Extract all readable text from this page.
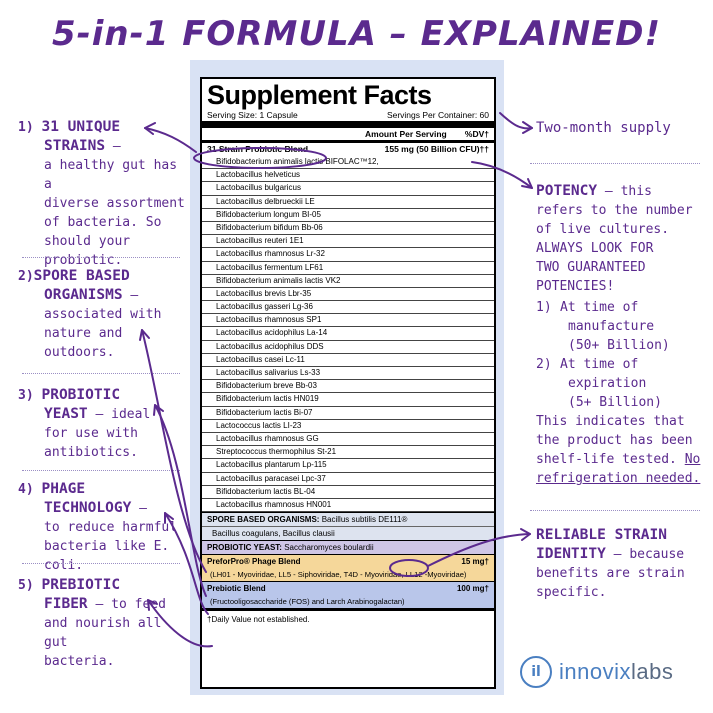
5-in-1 FORMULA – EXPLAINED!
Supplement Facts
Serving Size: 1 Capsule	Servings Per Container: 60
Amount Per Serving %DV†
31 Strain Probiotic Blend	155 mg (50 Billion CFU)††
Bifidobacterium animalis lactis BIFOLAC™12,
Lactobacillus helveticus
Lactobacillus bulgaricus
Lactobacillus delbrueckii LE
Bifidobacterium longum BI-05
Bifidobacterium bifidum Bb-06
Lactobacillus reuteri 1E1
Lactobacillus rhamnosus Lr-32
Lactobacillus fermentum LF61
Bifidobacterium animalis lactis VK2
Lactobacillus brevis Lbr-35
Lactobacillus gasseri Lg-36
Lactobacillus rhamnosus SP1
Lactobacillus acidophilus La-14
Lactobacillus acidophilus DDS
Lactobacillus casei Lc-11
Lactobacillus salivarius Ls-33
Bifidobacterium breve Bb-03
Bifidobacterium lactis HN019
Bifidobacterium lactis Bi-07
Lactococcus lactis LI-23
Lactobacillus rhamnosus GG
Streptococcus thermophilus St-21
Lactobacillus plantarum Lp-115
Lactobacillus paracasei Lpc-37
Bifidobacterium lactis BL-04
Lactobacillus rhamnosus HN001
SPORE BASED ORGANISMS: Bacillus subtilis DE111®
Bacillus coagulans, Bacillus clausii
PROBIOTIC YEAST: Saccharomyces boulardii
PreforPro® Phage Blend	15 mg†
(LH01 - Myoviridae, LL5 - Siphoviridae, T4D - Myoviridae, LL12 -Myoviridae)
Prebiotic Blend	100 mg†
(Fructooligosaccharide (FOS) and Larch Arabinogalactan)
†Daily Value not established.
1) 31 UNIQUE
STRAINS –
a healthy gut has a
diverse assortment
of bacteria. So
should your
probiotic.
2)SPORE BASED
ORGANISMS –
associated with
nature and
outdoors.
3) PROBIOTIC
YEAST – ideal
for use with
antibiotics.
4) PHAGE
TECHNOLOGY –
to reduce harmful
bacteria like E. coli.
5) PREBIOTIC
FIBER – to feed
and nourish all gut
bacteria.
Two-month supply
POTENCY – this
refers to the number
of live cultures.
ALWAYS LOOK FOR
TWO GUARANTEED
POTENCIES!
1) At time of
manufacture
(50+ Billion)
2) At time of
expiration
(5+ Billion)
This indicates that
the product has been
shelf-life tested. No
refrigeration needed.
RELIABLE STRAIN
IDENTITY – because
benefits are strain
specific.
il innovixlabs
